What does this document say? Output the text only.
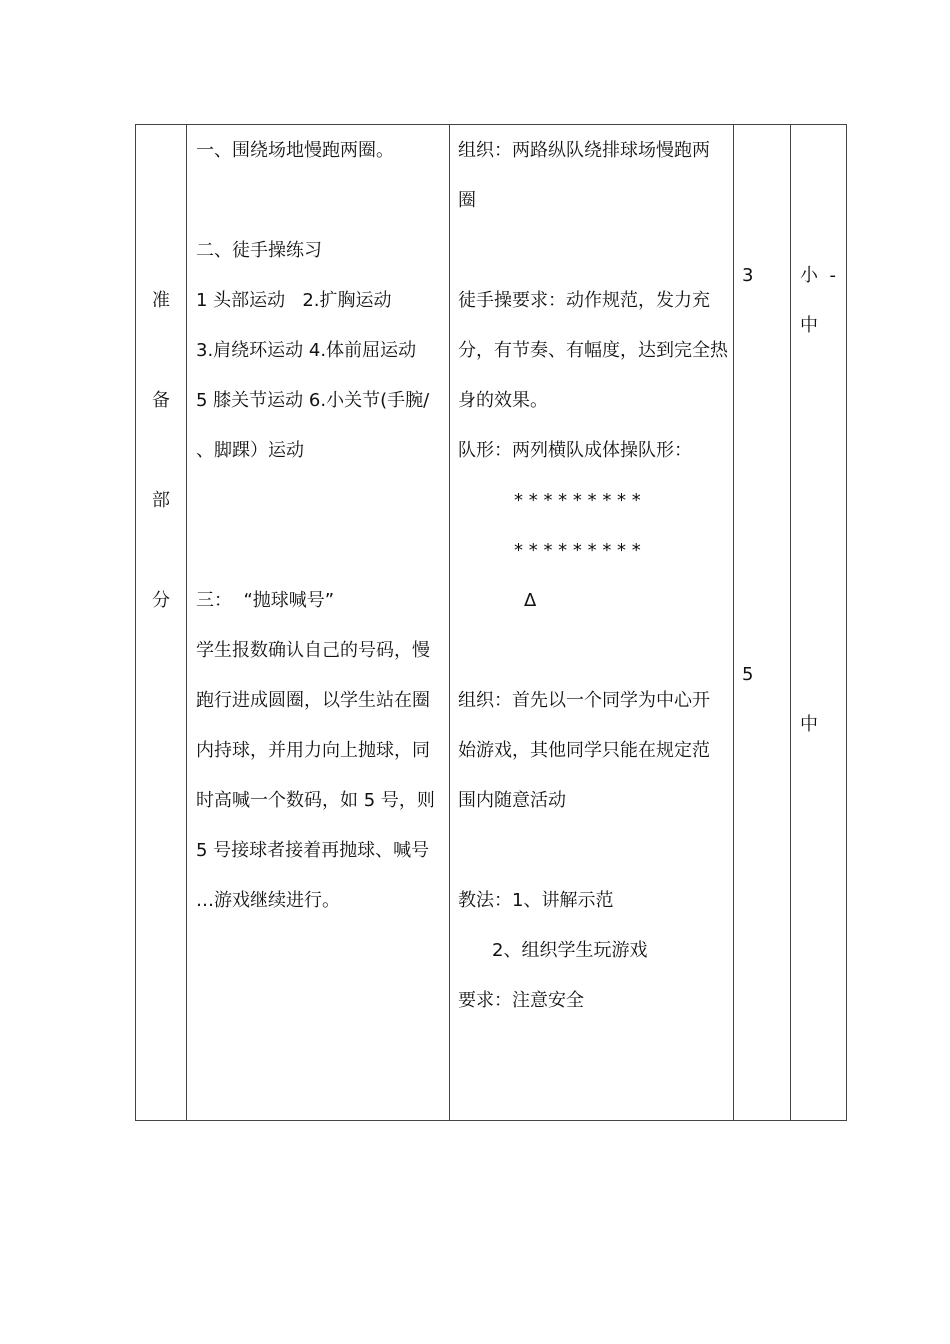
准
备
部
分
一、围绕场地慢跑两圈。
二、徒手操练习
1 头部运动   2.扩胸运动
3.肩绕环运动 4.体前屈运动
5 膝关节运动 6.小关节(手腕/
、脚踝）运动
三：  “抛球喊号”
学生报数确认自己的号码，慢
跑行进成圆圈，以学生站在圈
内持球，并用力向上抛球，同
时高喊一个数码，如 5 号，则
5 号接球者接着再抛球、喊号
…游戏继续进行。
组织：两路纵队绕排球场慢跑两
圈
徒手操要求：动作规范，发力充
分，有节奏、有幅度，达到完全热
身的效果。
队形：两列横队成体操队形：
* * * * * * * * *
* * * * * * * * *
Δ
组织：首先以一个同学为中心开
始游戏，其他同学只能在规定范
围内随意活动
教法：1、讲解示范
2、组织学生玩游戏
要求：注意安全
3
5
小  -
中
中
